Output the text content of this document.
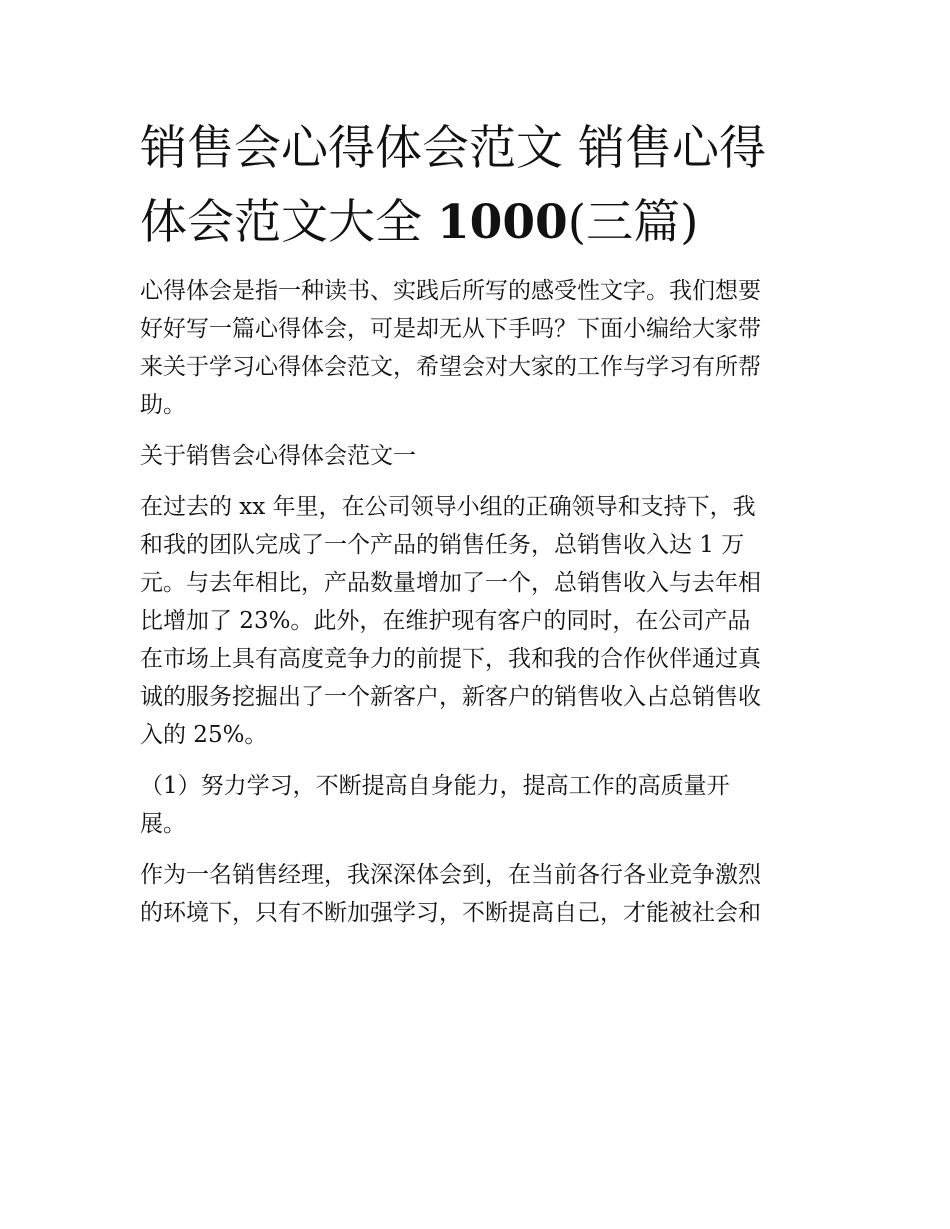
销售会心得体会范文 销售心得
体会范文大全 1000(三篇)

心得体会是指一种读书、实践后所写的感受性文字。我们想要
好好写一篇心得体会，可是却无从下手吗？下面小编给大家带
来关于学习心得体会范文，希望会对大家的工作与学习有所帮
助。

关于销售会心得体会范文一

在过去的 xx 年里，在公司领导小组的正确领导和支持下，我
和我的团队完成了一个产品的销售任务，总销售收入达 1 万
元。与去年相比，产品数量增加了一个，总销售收入与去年相
比增加了 23%。此外，在维护现有客户的同时，在公司产品
在市场上具有高度竞争力的前提下，我和我的合作伙伴通过真
诚的服务挖掘出了一个新客户，新客户的销售收入占总销售收
入的 25%。

（1）努力学习，不断提高自身能力，提高工作的高质量开
展。

作为一名销售经理，我深深体会到，在当前各行各业竞争激烈
的环境下，只有不断加强学习，不断提高自己，才能被社会和
